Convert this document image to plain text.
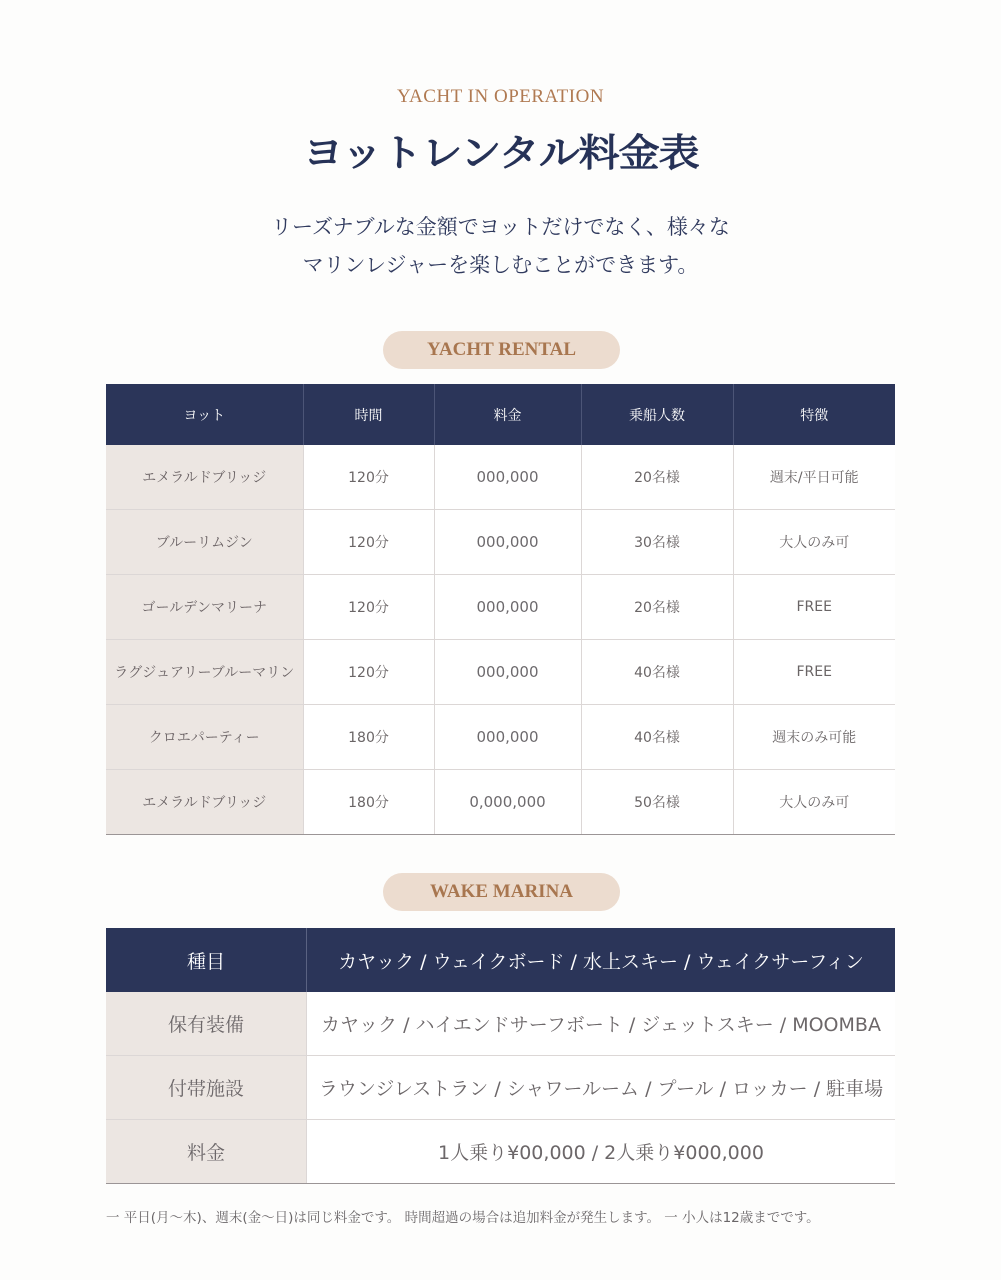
YACHT IN OPERATION
ヨットレンタル料金表
リーズナブルな金額でヨットだけでなく、様々な
マリンレジャーを楽しむことができます。
YACHT RENTAL
ヨット	時間	料金	乗船人数	特徴
エメラルドブリッジ	120分	000,000	20名様	週末/平日可能
ブルーリムジン	120分	000,000	30名様	大人のみ可
ゴールデンマリーナ	120分	000,000	20名様	FREE
ラグジュアリーブルーマリン	120分	000,000	40名様	FREE
クロエパーティー	180分	000,000	40名様	週末のみ可能
エメラルドブリッジ	180分	0,000,000	50名様	大人のみ可
WAKE MARINA
種目	カヤック / ウェイクボード / 水上スキー / ウェイクサーフィン
保有装備	カヤック / ハイエンドサーフボート / ジェットスキー / MOOMBA
付帯施設	ラウンジレストラン / シャワールーム / プール / ロッカー / 駐車場
料金	1人乗り¥00,000 / 2人乗り¥000,000
一 平日(月〜木)、週末(金〜日)は同じ料金です。 時間超過の場合は追加料金が発生します。 一 小人は12歳までです。
